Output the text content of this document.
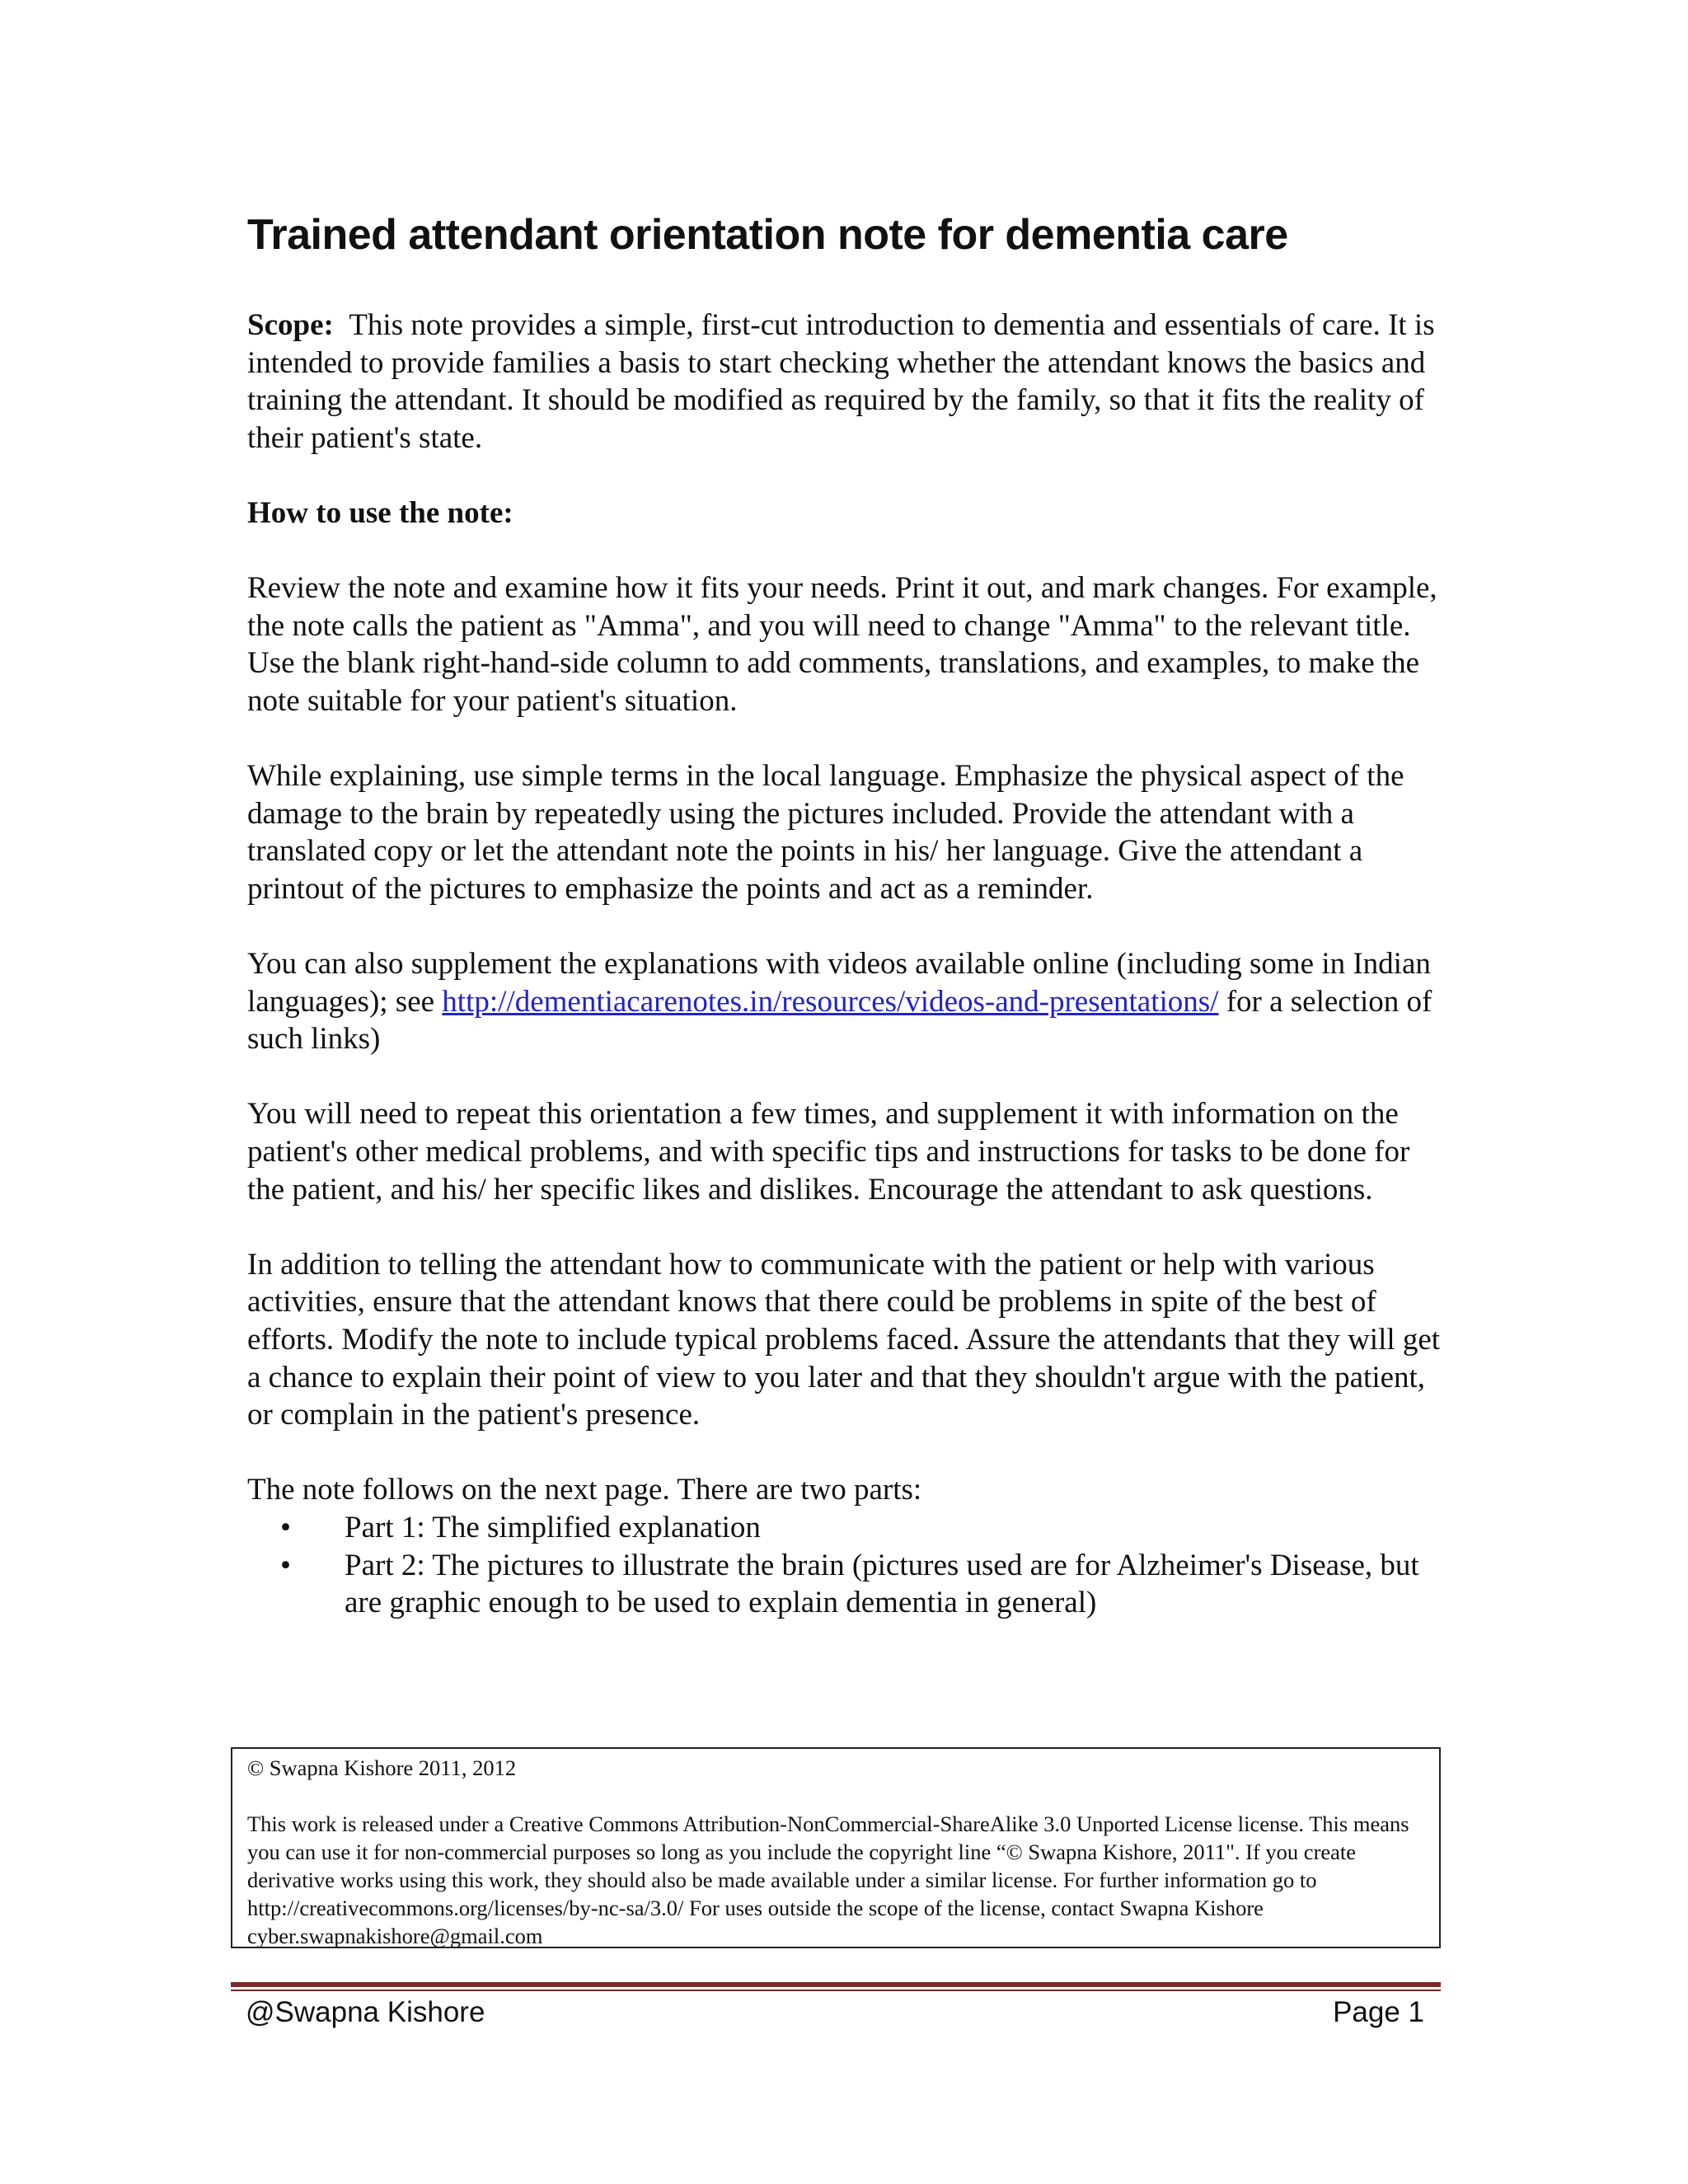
Trained attendant orientation note for dementia care

Scope: This note provides a simple, first-cut introduction to dementia and essentials of care. It is intended to provide families a basis to start checking whether the attendant knows the basics and training the attendant. It should be modified as required by the family, so that it fits the reality of their patient's state.

How to use the note:

Review the note and examine how it fits your needs. Print it out, and mark changes. For example, the note calls the patient as "Amma", and you will need to change "Amma" to the relevant title. Use the blank right-hand-side column to add comments, translations, and examples, to make the note suitable for your patient's situation.

While explaining, use simple terms in the local language. Emphasize the physical aspect of the damage to the brain by repeatedly using the pictures included. Provide the attendant with a translated copy or let the attendant note the points in his/ her language. Give the attendant a printout of the pictures to emphasize the points and act as a reminder.

You can also supplement the explanations with videos available online (including some in Indian languages); see http://dementiacarenotes.in/resources/videos-and-presentations/ for a selection of such links)

You will need to repeat this orientation a few times, and supplement it with information on the patient's other medical problems, and with specific tips and instructions for tasks to be done for the patient, and his/ her specific likes and dislikes. Encourage the attendant to ask questions.

In addition to telling the attendant how to communicate with the patient or help with various activities, ensure that the attendant knows that there could be problems in spite of the best of efforts. Modify the note to include typical problems faced. Assure the attendants that they will get a chance to explain their point of view to you later and that they shouldn't argue with the patient, or complain in the patient's presence.

The note follows on the next page. There are two parts:
• Part 1: The simplified explanation
• Part 2: The pictures to illustrate the brain (pictures used are for Alzheimer's Disease, but are graphic enough to be used to explain dementia in general)

© Swapna Kishore 2011, 2012

This work is released under a Creative Commons Attribution-NonCommercial-ShareAlike 3.0 Unported License license. This means you can use it for non-commercial purposes so long as you include the copyright line “© Swapna Kishore, 2011". If you create derivative works using this work, they should also be made available under a similar license. For further information go to http://creativecommons.org/licenses/by-nc-sa/3.0/ For uses outside the scope of the license, contact Swapna Kishore cyber.swapnakishore@gmail.com

@Swapna Kishore	Page 1
